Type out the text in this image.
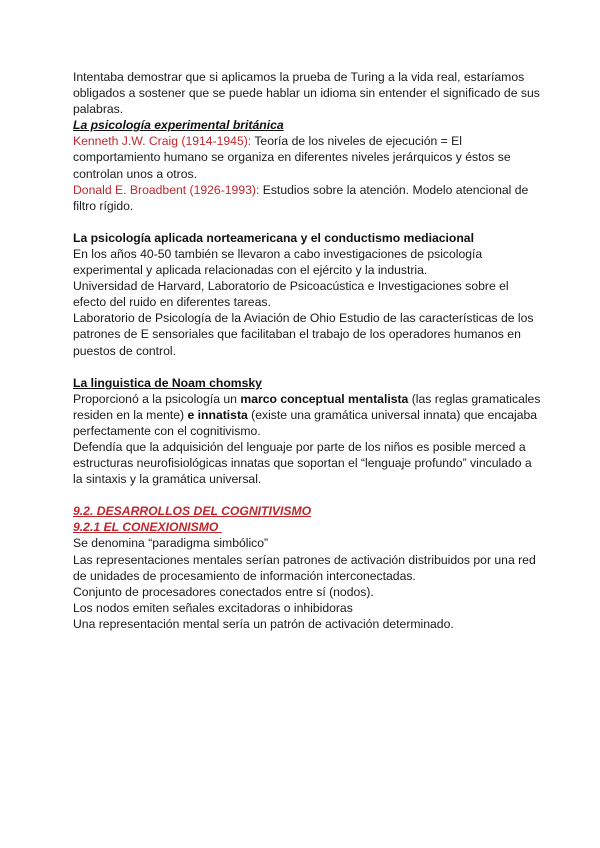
Intentaba demostrar que si aplicamos la prueba de Turing a la vida real, estaríamos obligados a sostener que se puede hablar un idioma sin entender el significado de sus palabras.

La psicología experimental británica

Kenneth J.W. Craig (1914-1945): Teoría de los niveles de ejecución = El comportamiento humano se organiza en diferentes niveles jerárquicos y éstos se controlan unos a otros.

Donald E. Broadbent (1926-1993): Estudios sobre la atención. Modelo atencional de filtro rígido.

La psicología aplicada norteamericana y el conductismo mediacional

En los años 40-50 también se llevaron a cabo investigaciones de psicología experimental y aplicada relacionadas con el ejército y la industria.

Universidad de Harvard, Laboratorio de Psicoacústica e Investigaciones sobre el efecto del ruido en diferentes tareas.

Laboratorio de Psicología de la Aviación de Ohio Estudio de las características de los patrones de E sensoriales que facilitaban el trabajo de los operadores humanos en puestos de control.

La linguistica de Noam chomsky

Proporcionó a la psicología un marco conceptual mentalista (las reglas gramaticales residen en la mente) e innatista (existe una gramática universal innata) que encajaba perfectamente con el cognitivismo.

Defendía que la adquisición del lenguaje por parte de los niños es posible merced a estructuras neurofisiológicas innatas que soportan el “lenguaje profundo” vinculado a la sintaxis y la gramática universal.

9.2. DESARROLLOS DEL COGNITIVISMO

9.2.1 EL CONEXIONISMO

Se denomina “paradigma simbólico”

Las representaciones mentales serían patrones de activación distribuidos por una red de unidades de procesamiento de información interconectadas.

Conjunto de procesadores conectados entre sí (nodos).

Los nodos emiten señales excitadoras o inhibidoras

Una representación mental sería un patrón de activación determinado.
